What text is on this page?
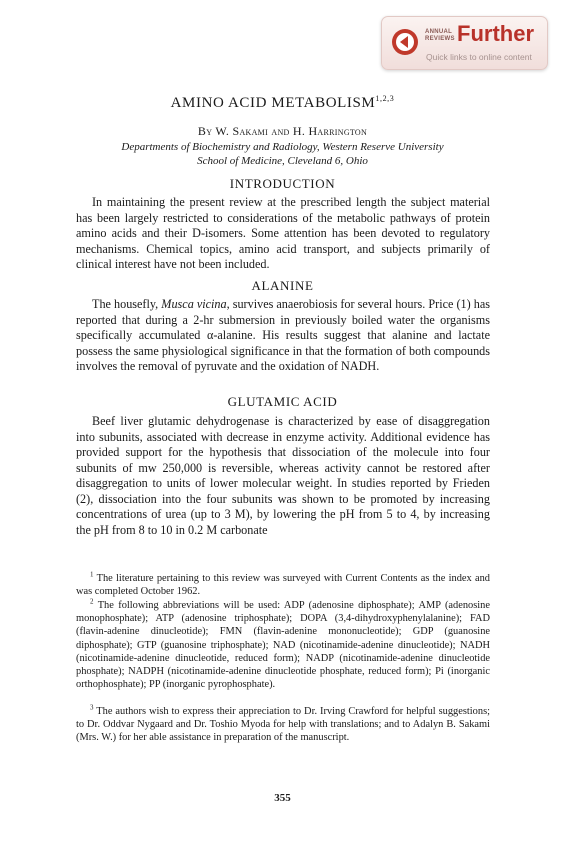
ANNUAL
REVIEWS Further
Quick links to online content
AMINO ACID METABOLISM$^{1,2,3}$
By W. Sakami and H. Harrington
Departments of Biochemistry and Radiology, Western Reserve University
School of Medicine, Cleveland 6, Ohio
INTRODUCTION

In maintaining the present review at the prescribed length the subject material has been largely restricted to considerations of the metabolic pathways of protein amino acids and their D-isomers. Some attention has been devoted to regulatory mechanisms. Chemical topics, amino acid transport, and subjects primarily of clinical interest have not been included.

ALANINE

The housefly, Musca vicina, survives anaerobiosis for several hours. Price (1) has reported that during a 2-hr submersion in previously boiled water the organisms specifically accumulated α-alanine. His results suggest that alanine and lactate possess the same physiological significance in that the formation of both compounds involves the removal of pyruvate and the oxidation of NADH.

GLUTAMIC ACID

Beef liver glutamic dehydrogenase is characterized by ease of disaggregation into subunits, associated with decrease in enzyme activity. Additional evidence has provided support for the hypothesis that dissociation of the molecule into four subunits of mw 250,000 is reversible, whereas activity cannot be restored after disaggregation to units of lower molecular weight. In studies reported by Frieden (2), dissociation into the four subunits was shown to be promoted by increasing concentrations of urea (up to 3 M), by lowering the pH from 5 to 4, by increasing the pH from 8 to 10 in 0.2 M carbonate

$^1$ The literature pertaining to this review was surveyed with Current Contents as the index and was completed October 1962.

$^2$ The following abbreviations will be used: ADP (adenosine diphosphate); AMP (adenosine monophosphate); ATP (adenosine triphosphate); DOPA (3,4-dihydroxyphenylalanine); FAD (flavin-adenine dinucleotide); FMN (flavin-adenine mononucleotide); GDP (guanosine diphosphate); GTP (guanosine triphosphate); NAD (nicotinamide-adenine dinucleotide); NADH (nicotinamide-adenine dinucleotide, reduced form); NADP (nicotinamide-adenine dinucleotide phosphate); NADPH (nicotinamide-adenine dinucleotide phosphate, reduced form); Pi (inorganic orthophosphate); PP (inorganic pyrophosphate).

$^3$ The authors wish to express their appreciation to Dr. Irving Crawford for helpful suggestions; to Dr. Oddvar Nygaard and Dr. Toshio Myoda for help with translations; and to Adalyn B. Sakami (Mrs. W.) for her able assistance in preparation of the manuscript.

355
